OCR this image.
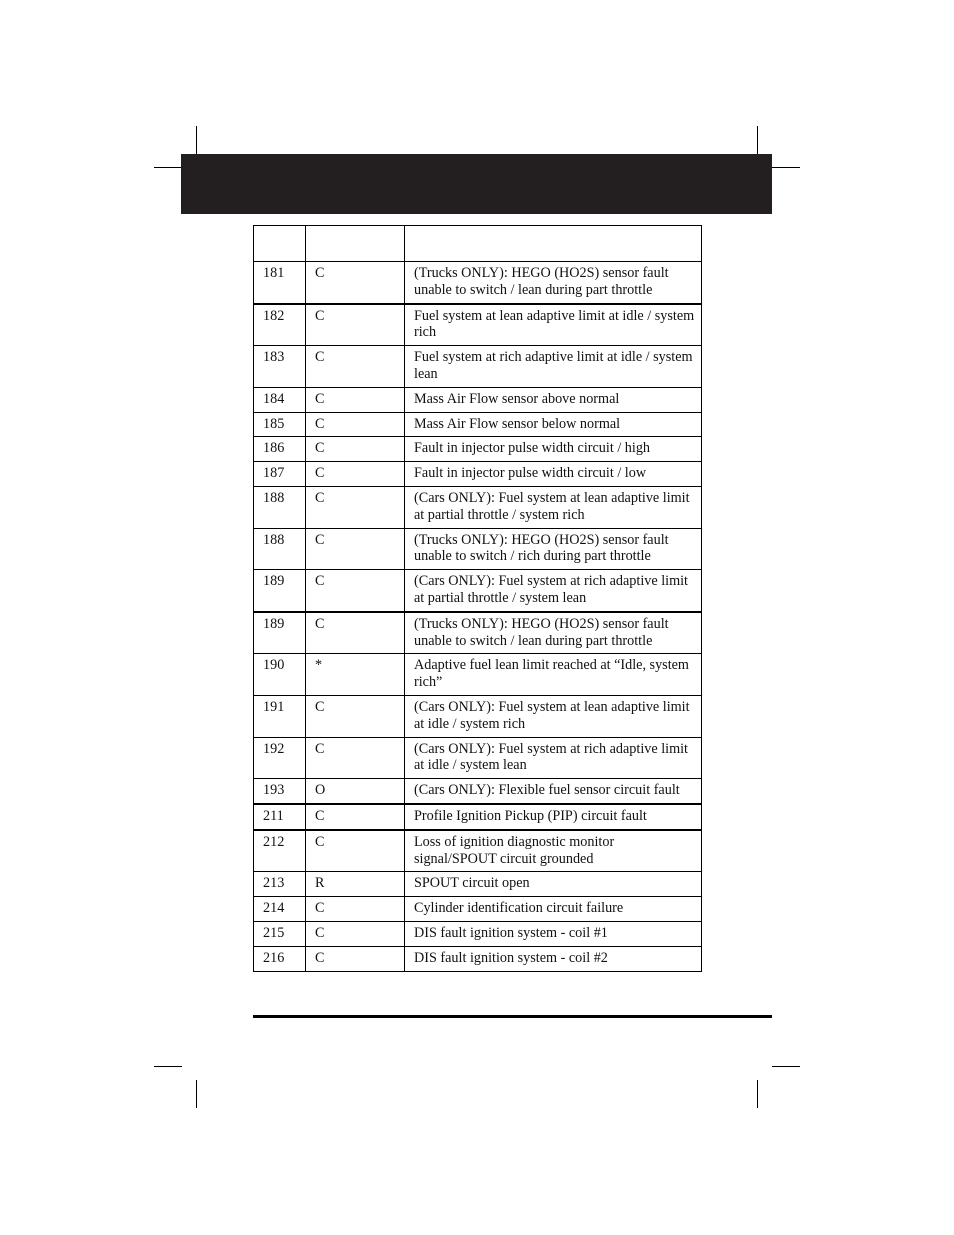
181	C	(Trucks ONLY): HEGO (HO2S) sensor fault unable to switch / lean during part throttle
182	C	Fuel system at lean adaptive limit at idle / system rich
183	C	Fuel system at rich adaptive limit at idle / system lean
184	C	Mass Air Flow sensor above normal
185	C	Mass Air Flow sensor below normal
186	C	Fault in injector pulse width circuit / high
187	C	Fault in injector pulse width circuit / low
188	C	(Cars ONLY): Fuel system at lean adaptive limit at partial throttle / system rich
188	C	(Trucks ONLY): HEGO (HO2S) sensor fault unable to switch / rich during part throttle
189	C	(Cars ONLY): Fuel system at rich adaptive limit at partial throttle / system lean
189	C	(Trucks ONLY): HEGO (HO2S) sensor fault unable to switch / lean during part throttle
190	*	Adaptive fuel lean limit reached at “Idle, system rich”
191	C	(Cars ONLY): Fuel system at lean adaptive limit at idle / system rich
192	C	(Cars ONLY): Fuel system at rich adaptive limit at idle / system lean
193	O	(Cars ONLY): Flexible fuel sensor circuit fault
211	C	Profile Ignition Pickup (PIP) circuit fault
212	C	Loss of ignition diagnostic monitor signal/SPOUT circuit grounded
213	R	SPOUT circuit open
214	C	Cylinder identification circuit failure
215	C	DIS fault ignition system - coil #1
216	C	DIS fault ignition system - coil #2
